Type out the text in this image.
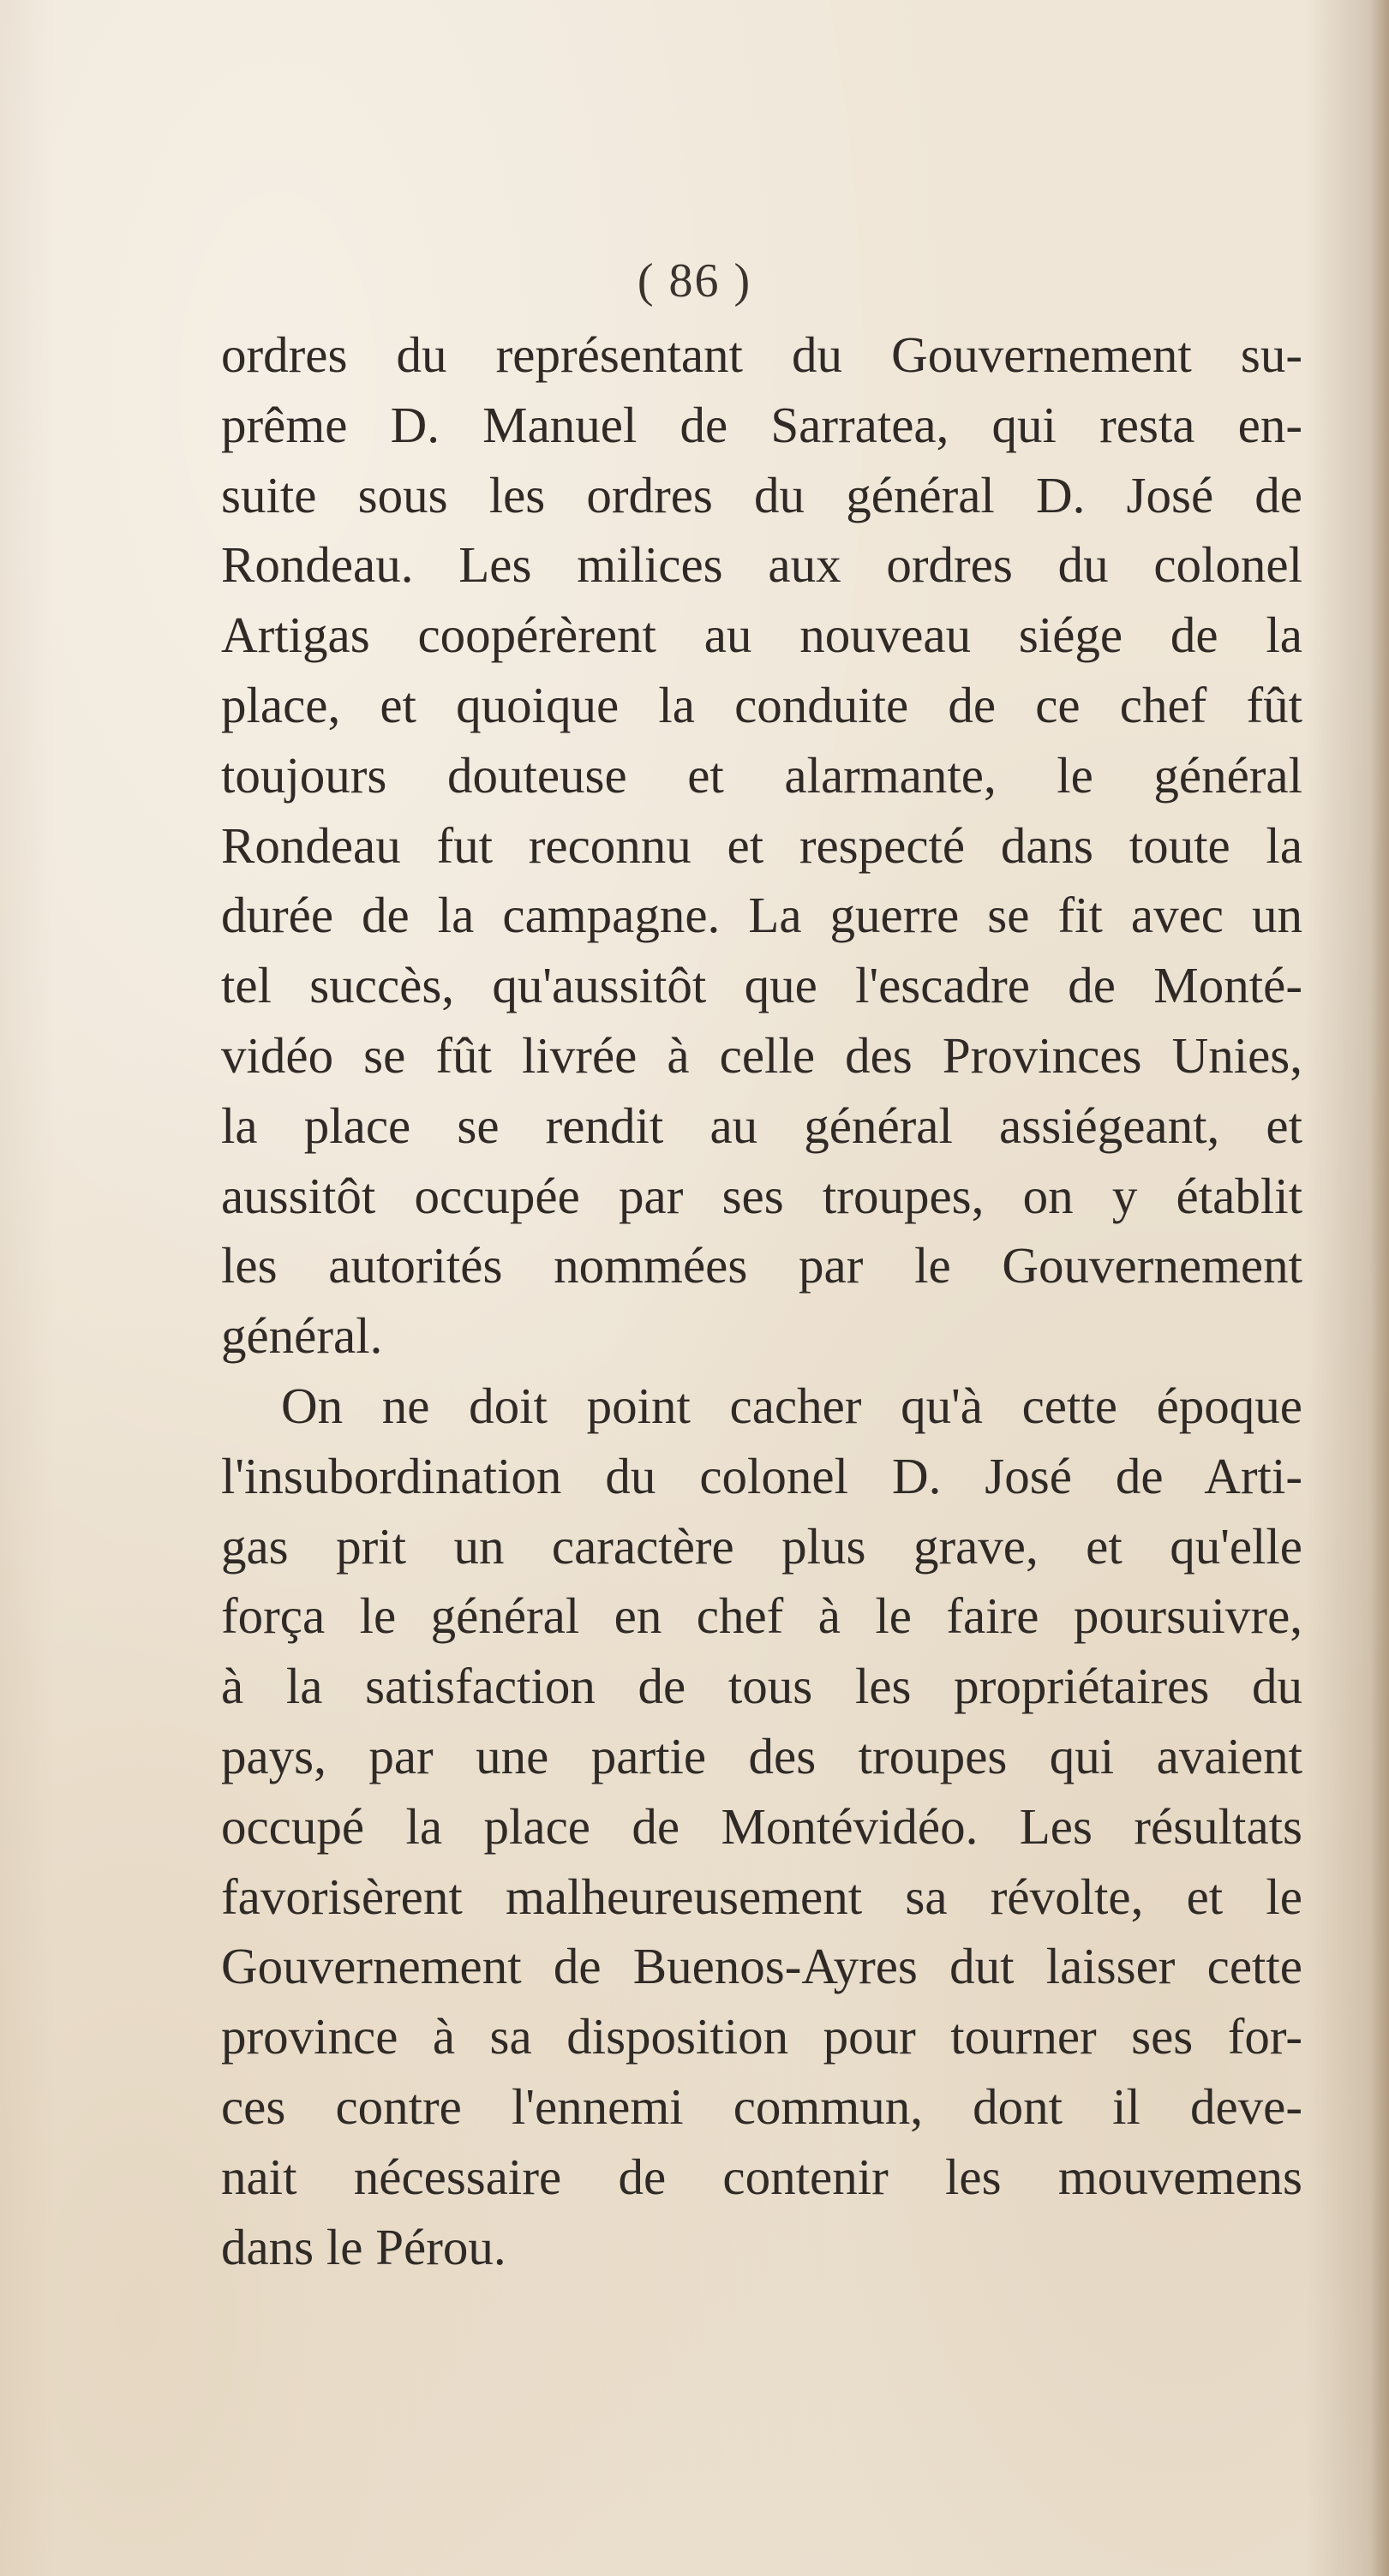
( 86 )
ordres du représentant du Gouvernement su-
prême D. Manuel de Sarratea, qui resta en-
suite sous les ordres du général D. José de
Rondeau. Les milices aux ordres du colonel
Artigas coopérèrent au nouveau siége de la
place, et quoique la conduite de ce chef fût
toujours douteuse et alarmante, le général
Rondeau fut reconnu et respecté dans toute la
durée de la campagne. La guerre se fit avec un
tel succès, qu'aussitôt que l'escadre de Monté-
vidéo se fût livrée à celle des Provinces Unies,
la place se rendit au général assiégeant, et
aussitôt occupée par ses troupes, on y établit
les autorités nommées par le Gouvernement
général.
On ne doit point cacher qu'à cette époque
l'insubordination du colonel D. José de Arti-
gas prit un caractère plus grave, et qu'elle
força le général en chef à le faire poursuivre,
à la satisfaction de tous les propriétaires du
pays, par une partie des troupes qui avaient
occupé la place de Montévidéo. Les résultats
favorisèrent malheureusement sa révolte, et le
Gouvernement de Buenos-Ayres dut laisser cette
province à sa disposition pour tourner ses for-
ces contre l'ennemi commun, dont il deve-
nait nécessaire de contenir les mouvemens
dans le Pérou.
